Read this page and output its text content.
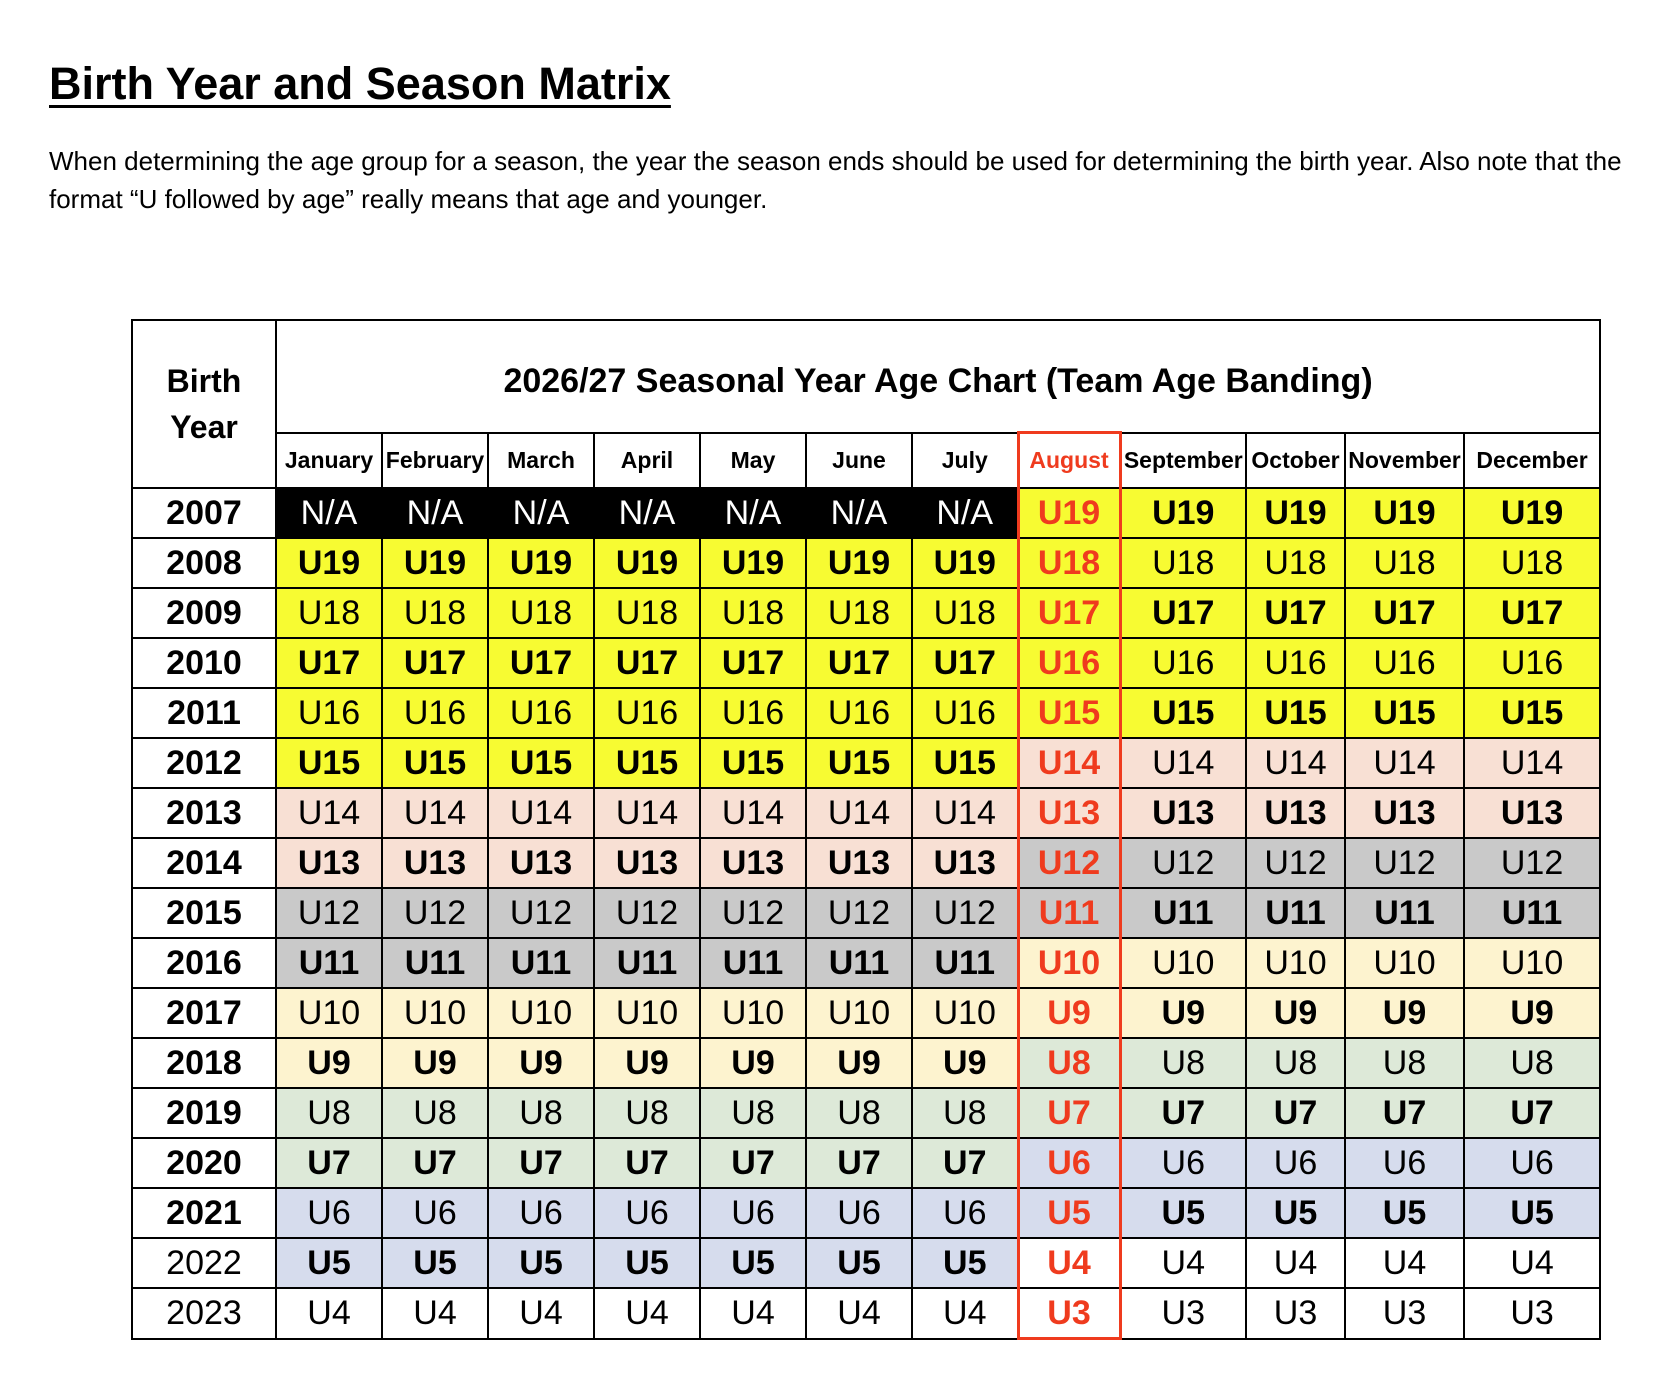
Birth Year and Season Matrix

When determining the age group for a season, the year the season ends should be used for determining the birth year. Also note that the format “U followed by age” really means that age and younger.

Birth
Year	2026/27 Seasonal Year Age Chart (Team Age Banding)											
	January	February	March	April	May	June	July	August	September	October	November	December
2007	N/A	N/A	N/A	N/A	N/A	N/A	N/A	U19	U19	U19	U19	U19
2008	U19	U19	U19	U19	U19	U19	U19	U18	U18	U18	U18	U18
2009	U18	U18	U18	U18	U18	U18	U18	U17	U17	U17	U17	U17
2010	U17	U17	U17	U17	U17	U17	U17	U16	U16	U16	U16	U16
2011	U16	U16	U16	U16	U16	U16	U16	U15	U15	U15	U15	U15
2012	U15	U15	U15	U15	U15	U15	U15	U14	U14	U14	U14	U14
2013	U14	U14	U14	U14	U14	U14	U14	U13	U13	U13	U13	U13
2014	U13	U13	U13	U13	U13	U13	U13	U12	U12	U12	U12	U12
2015	U12	U12	U12	U12	U12	U12	U12	U11	U11	U11	U11	U11
2016	U11	U11	U11	U11	U11	U11	U11	U10	U10	U10	U10	U10
2017	U10	U10	U10	U10	U10	U10	U10	U9	U9	U9	U9	U9
2018	U9	U9	U9	U9	U9	U9	U9	U8	U8	U8	U8	U8
2019	U8	U8	U8	U8	U8	U8	U8	U7	U7	U7	U7	U7
2020	U7	U7	U7	U7	U7	U7	U7	U6	U6	U6	U6	U6
2021	U6	U6	U6	U6	U6	U6	U6	U5	U5	U5	U5	U5
2022	U5	U5	U5	U5	U5	U5	U5	U4	U4	U4	U4	U4
2023	U4	U4	U4	U4	U4	U4	U4	U3	U3	U3	U3	U3
